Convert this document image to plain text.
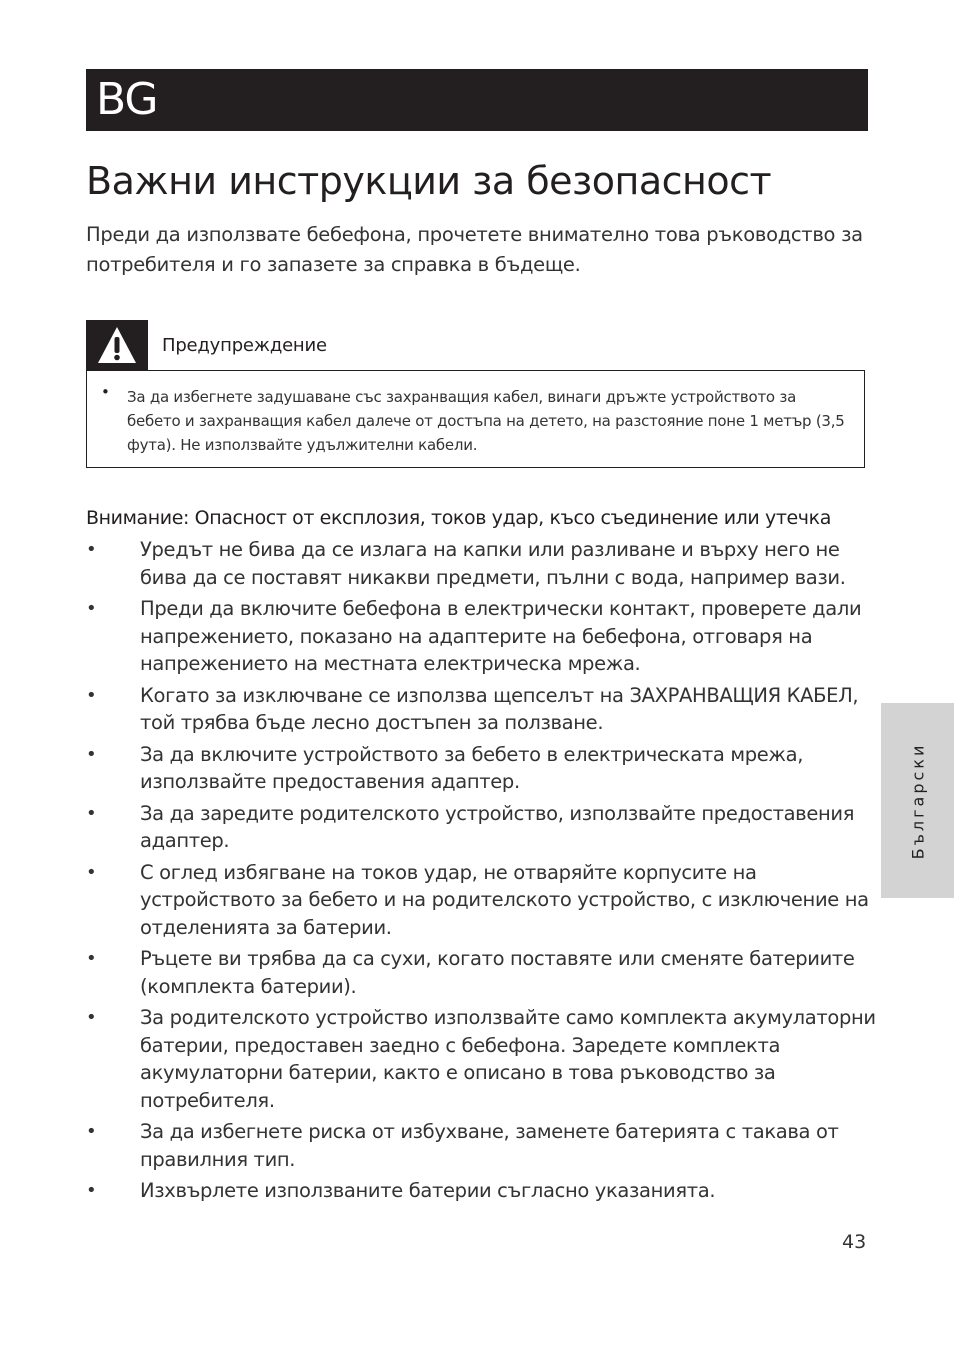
BG
Важни инструкции за безопасност

Преди да използвате бебефона, прочетете внимателно това ръководство за потребителя и го запазете за справка в бъдеще.

Предупреждение
• За да избегнете задушаване със захранващия кабел, винаги дръжте устройството за бебето и захранващия кабел далече от достъпа на детето, на разстояние поне 1 метър (3,5 фута). Не използвайте удължителни кабели.
Внимание: Опасност от експлозия, токов удар, късо съединение или утечка
• Уредът не бива да се излага на капки или разливане и върху него не бива да се поставят никакви предмети, пълни с вода, например вази.
• Преди да включите бебефона в електрически контакт, проверете дали напрежението, показано на адаптерите на бебефона, отговаря на напрежението на местната електрическа мрежа.
• Когато за изключване се използва щепселът на ЗАХРАНВАЩИЯ КАБЕЛ, той трябва бъде лесно достъпен за ползване.
• За да включите устройството за бебето в електрическата мрежа, използвайте предоставения адаптер.
• За да заредите родителското устройство, използвайте предоставения адаптер.
• С оглед избягване на токов удар, не отваряйте корпусите на устройството за бебето и на родителското устройство, с изключение на отделенията за батерии.
• Ръцете ви трябва да са сухи, когато поставяте или сменяте батериите (комплекта батерии).
• За родителското устройство използвайте само комплекта акумулаторни батерии, предоставен заедно с бебефона. Заредете комплекта акумулаторни батерии, както е описано в това ръководство за потребителя.
• За да избегнете риска от избухване, заменете батерията с такава от правилния тип.
• Изхвърлете използваните батерии съгласно указанията.
Български
43
